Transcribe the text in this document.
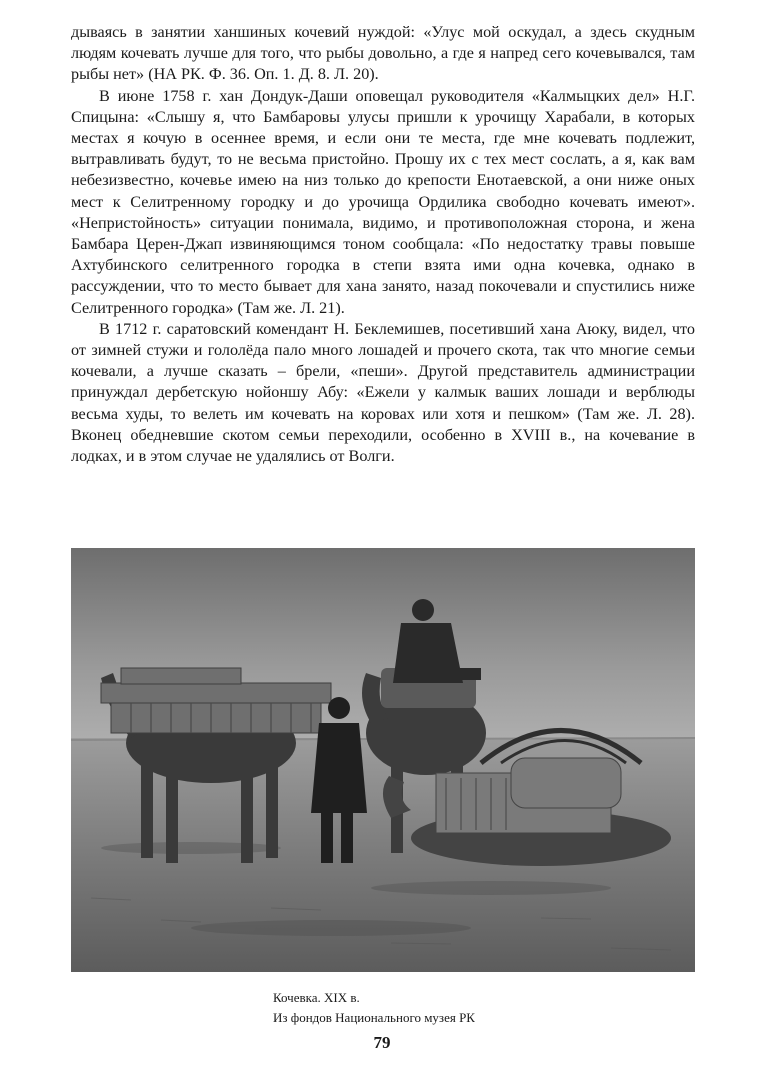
дываясь в занятии ханшиных кочевий нуждой: «Улус мой оскудал, а здесь скудным людям кочевать лучше для того, что рыбы довольно, а где я напред сего кочевывался, там рыбы нет» (НА РК. Ф. 36. Оп. 1. Д. 8. Л. 20).

В июне 1758 г. хан Дондук-Даши оповещал руководителя «Калмыцких дел» Н.Г. Спицына: «Слышу я, что Бамбаровы улусы пришли к урочищу Харабали, в которых местах я кочую в осеннее время, и если они те места, где мне кочевать подлежит, вытравливать будут, то не весьма пристойно. Прошу их с тех мест сослать, а я, как вам небезизвестно, кочевье имею на низ только до крепости Енотаевской, а они ниже оных мест к Селитренному городку и до урочища Ордилика свободно кочевать имеют». «Непристойность» ситуации понимала, видимо, и противоположная сторона, и жена Бамбара Церен-Джап извиняющимся тоном сообщала: «По недостатку травы повыше Ахтубинского селитренного городка в степи взята ими одна кочевка, однако в рассуждении, что то место бывает для хана занято, назад покочевали и спустились ниже Селитренного городка» (Там же. Л. 21).

В 1712 г. саратовский комендант Н. Беклемишев, посетивший хана Аюку, видел, что от зимней стужи и гололёда пало много лошадей и прочего скота, так что многие семьи кочевали, а лучше сказать – брели, «пеши». Другой представитель администрации принуждал дербетскую нойоншу Абу: «Ежели у калмык ваших лошади и верблюды весьма худы, то велеть им кочевать на коровах или хотя и пешком» (Там же. Л. 28). Вконец обедневшие скотом семьи переходили, особенно в XVIII в., на кочевание в лодках, и в этом случае не удалялись от Волги.

Кочевка. XIX в.
Из фондов Национального музея РК
79
